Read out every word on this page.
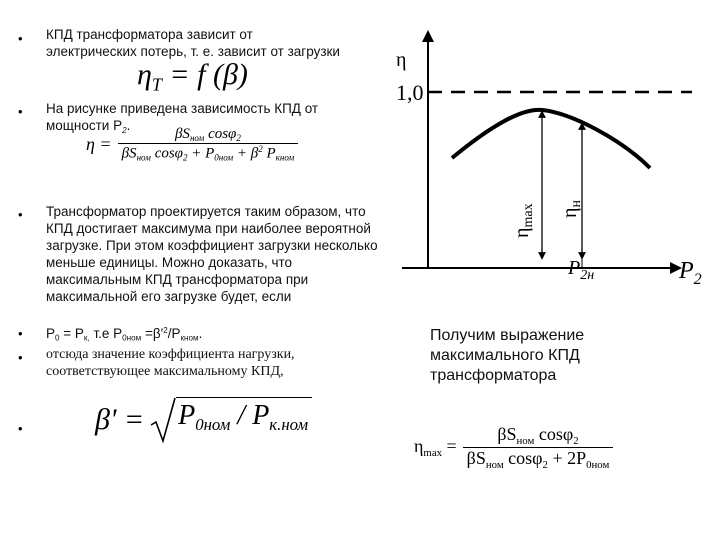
• КПД трансформатора зависит от электрических потерь, т. е. зависит от загрузки
$\eta_T = f$ (β)
• На рисунке приведена зависимость КПД от мощности $P_2$.
$\eta = \frac{\beta S_{ном} \cos\varphi_2}{\beta S_{ном} \cos\varphi_2 + P_{0ном} + \beta^2 P_{кном}}$
• Трансформатор проектируется таким образом, что КПД достигает максимума при наиболее вероятной загрузке. При этом коэффициент загрузки несколько меньше единицы. Можно доказать, что максимальным КПД трансформатора при максимальной его загрузке будет, если
• $P_0 = P_{к,}$ т.е $P_{0ном} =\beta'^2/P_{кном}$.
• отсюда значение коэффициента нагрузки, соответствующее максимальному КПД,
• $\beta' = P_{0ном} / P_{к.ном}$
η
1,0
$P_2$
$P_{2н}$
$\eta_{max}$ $\eta_н$
Получим выражение максимального КПД трансформатора
$\eta_{max} = \frac{\beta S_{ном} \cos\varphi_2}{\beta S_{ном} \cos\varphi_2 + 2P_{0ном}}$
